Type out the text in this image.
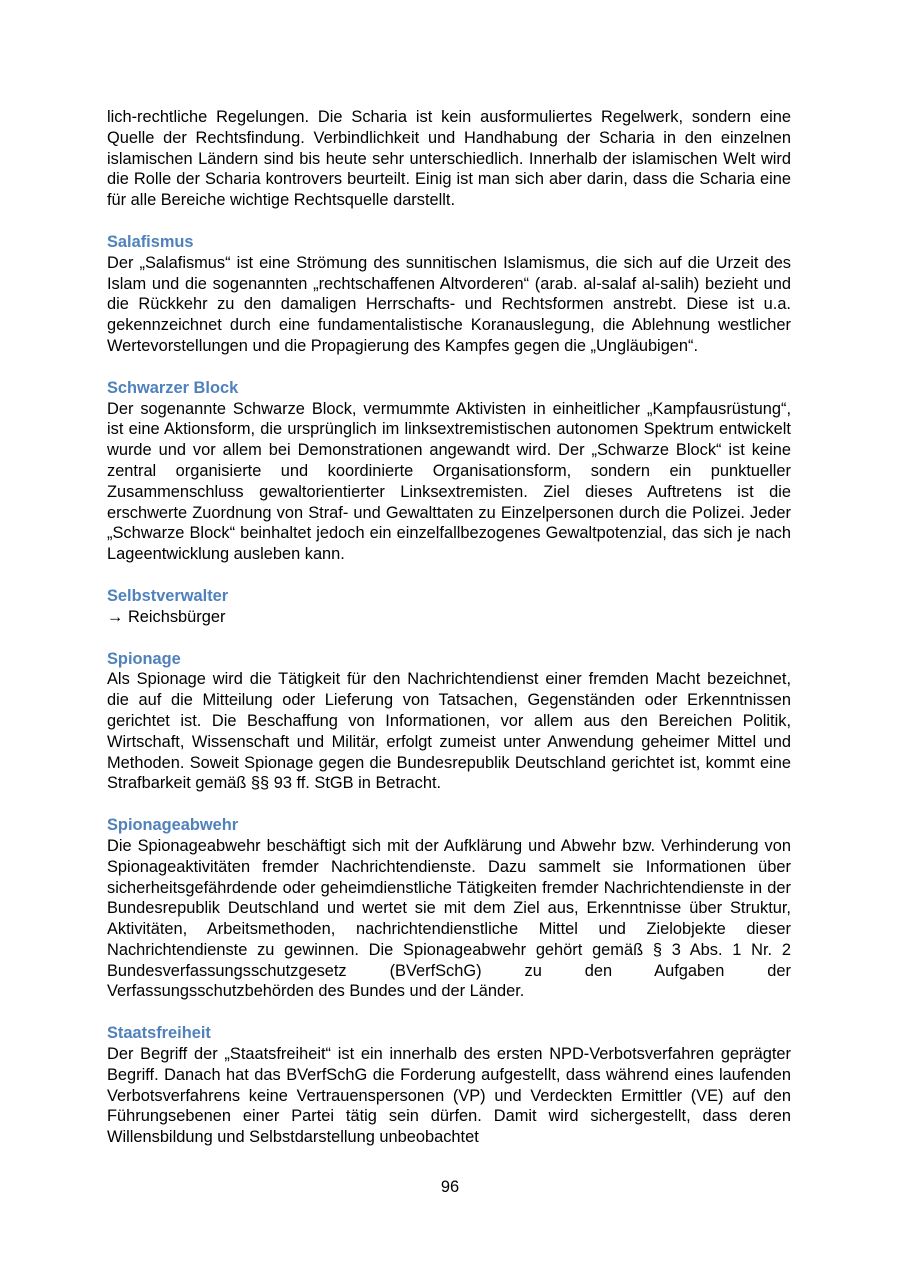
lich-rechtliche Regelungen. Die Scharia ist kein ausformuliertes Regelwerk, sondern eine Quelle der Rechtsfindung. Verbindlichkeit und Handhabung der Scharia in den einzelnen islamischen Ländern sind bis heute sehr unterschiedlich. Innerhalb der islamischen Welt wird die Rolle der Scharia kontrovers beurteilt. Einig ist man sich aber darin, dass die Scharia eine für alle Bereiche wichtige Rechtsquelle darstellt.

Salafismus

Der „Salafismus“ ist eine Strömung des sunnitischen Islamismus, die sich auf die Urzeit des Islam und die sogenannten „rechtschaffenen Altvorderen“ (arab. al-salaf al-salih) bezieht und die Rückkehr zu den damaligen Herrschafts- und Rechtsformen anstrebt. Diese ist u.a. gekennzeichnet durch eine fundamentalistische Koranauslegung, die Ablehnung westlicher Wertevorstellungen und die Propagierung des Kampfes gegen die „Ungläubigen“.

Schwarzer Block

Der sogenannte Schwarze Block, vermummte Aktivisten in einheitlicher „Kampfausrüstung“, ist eine Aktionsform, die ursprünglich im linksextremistischen autonomen Spektrum entwickelt wurde und vor allem bei Demonstrationen angewandt wird. Der „Schwarze Block“ ist keine zentral organisierte und koordinierte Organisationsform, sondern ein punktueller Zusammenschluss gewaltorientierter Linksextremisten. Ziel dieses Auftretens ist die erschwerte Zuordnung von Straf- und Gewalttaten zu Einzelpersonen durch die Polizei. Jeder „Schwarze Block“ beinhaltet jedoch ein einzelfallbezogenes Gewaltpotenzial, das sich je nach Lageentwicklung ausleben kann.

Selbstverwalter

→ Reichsbürger

Spionage

Als Spionage wird die Tätigkeit für den Nachrichtendienst einer fremden Macht bezeichnet, die auf die Mitteilung oder Lieferung von Tatsachen, Gegenständen oder Erkenntnissen gerichtet ist. Die Beschaffung von Informationen, vor allem aus den Bereichen Politik, Wirtschaft, Wissenschaft und Militär, erfolgt zumeist unter Anwendung geheimer Mittel und Methoden. Soweit Spionage gegen die Bundesrepublik Deutschland gerichtet ist, kommt eine Strafbarkeit gemäß §§ 93 ff. StGB in Betracht.

Spionageabwehr

Die Spionageabwehr beschäftigt sich mit der Aufklärung und Abwehr bzw. Verhinderung von Spionageaktivitäten fremder Nachrichtendienste. Dazu sammelt sie Informationen über sicherheitsgefährdende oder geheimdienstliche Tätigkeiten fremder Nachrichtendienste in der Bundesrepublik Deutschland und wertet sie mit dem Ziel aus, Erkenntnisse über Struktur, Aktivitäten, Arbeitsmethoden, nachrichtendienstliche Mittel und Zielobjekte dieser Nachrichtendienste zu gewinnen. Die Spionageabwehr gehört gemäß § 3 Abs. 1 Nr. 2 Bundesverfassungsschutzgesetz (BVerfSchG) zu den Aufgaben der Verfassungsschutzbehörden des Bundes und der Länder.

Staatsfreiheit

Der Begriff der „Staatsfreiheit“ ist ein innerhalb des ersten NPD-Verbotsverfahren geprägter Begriff. Danach hat das BVerfSchG die Forderung aufgestellt, dass während eines laufenden Verbotsverfahrens keine Vertrauenspersonen (VP) und Verdeckten Ermittler (VE) auf den Führungsebenen einer Partei tätig sein dürfen. Damit wird sichergestellt, dass deren Willensbildung und Selbstdarstellung unbeobachtet

96
